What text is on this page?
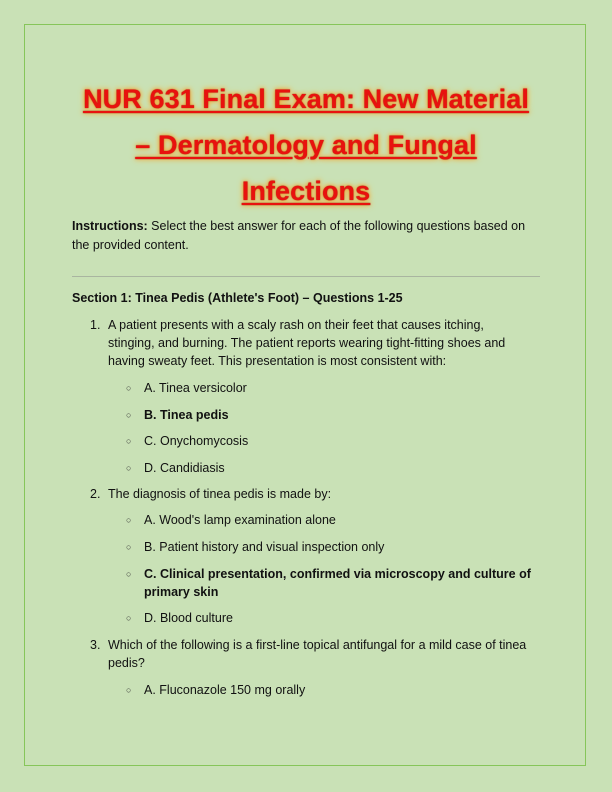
NUR 631 Final Exam: New Material – Dermatology and Fungal Infections
Instructions: Select the best answer for each of the following questions based on the provided content.
Section 1: Tinea Pedis (Athlete's Foot) – Questions 1-25
1. A patient presents with a scaly rash on their feet that causes itching, stinging, and burning. The patient reports wearing tight-fitting shoes and having sweaty feet. This presentation is most consistent with:
○ A. Tinea versicolor
○ B. Tinea pedis
○ C. Onychomycosis
○ D. Candidiasis
2. The diagnosis of tinea pedis is made by:
○ A. Wood's lamp examination alone
○ B. Patient history and visual inspection only
○ C. Clinical presentation, confirmed via microscopy and culture of primary skin
○ D. Blood culture
3. Which of the following is a first-line topical antifungal for a mild case of tinea pedis?
○ A. Fluconazole 150 mg orally
